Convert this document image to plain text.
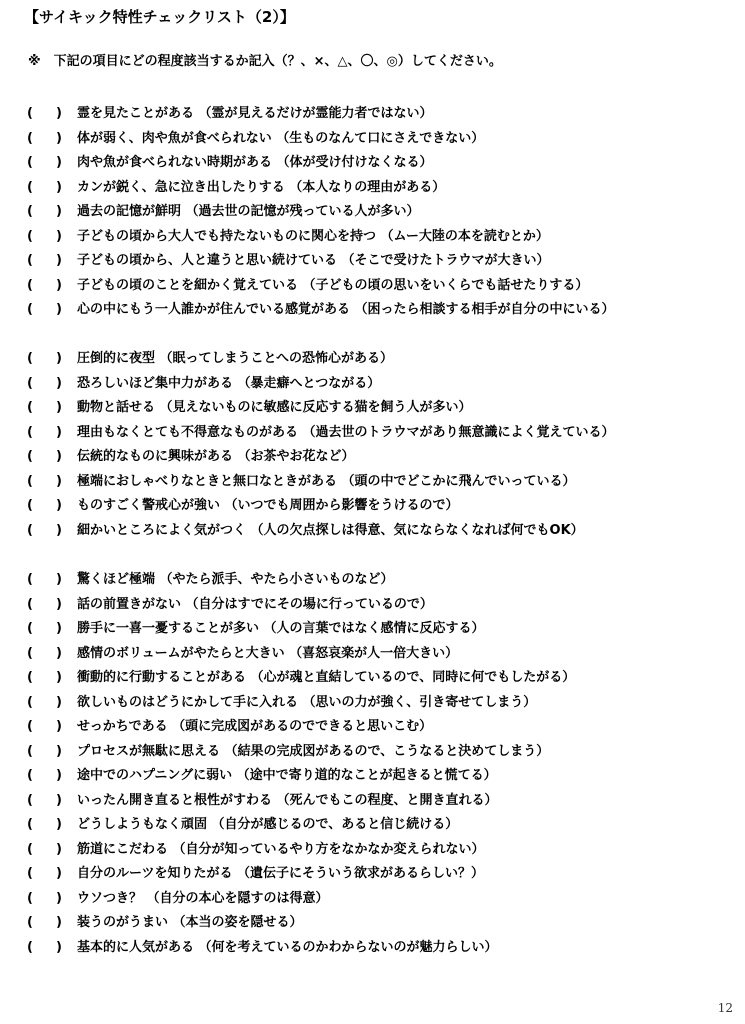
【サイキック特性チェックリスト（2）】
※　下記の項目にどの程度該当するか記入（？、×、△、〇、◎）してください。
( ) 霊を見たことがある （霊が見えるだけが霊能力者ではない）
( ) 体が弱く、肉や魚が食べられない （生ものなんて口にさえできない）
( ) 肉や魚が食べられない時期がある （体が受け付けなくなる）
( ) カンが鋭く、急に泣き出したりする （本人なりの理由がある）
( ) 過去の記憶が鮮明 （過去世の記憶が残っている人が多い）
( ) 子どもの頃から大人でも持たないものに関心を持つ （ムー大陸の本を読むとか）
( ) 子どもの頃から、人と違うと思い続けている （そこで受けたトラウマが大きい）
( ) 子どもの頃のことを細かく覚えている （子どもの頃の思いをいくらでも話せたりする）
( ) 心の中にもう一人誰かが住んでいる感覚がある （困ったら相談する相手が自分の中にいる）
( ) 圧倒的に夜型 （眠ってしまうことへの恐怖心がある）
( ) 恐ろしいほど集中力がある （暴走癖へとつながる）
( ) 動物と話せる （見えないものに敏感に反応する猫を飼う人が多い）
( ) 理由もなくとても不得意なものがある （過去世のトラウマがあり無意識によく覚えている）
( ) 伝統的なものに興味がある （お茶やお花など）
( ) 極端におしゃべりなときと無口なときがある （頭の中でどこかに飛んでいっている）
( ) ものすごく警戒心が強い （いつでも周囲から影響をうけるので）
( ) 細かいところによく気がつく （人の欠点探しは得意、気にならなくなれば何でもOK）
( ) 驚くほど極端 （やたら派手、やたら小さいものなど）
( ) 話の前置きがない （自分はすでにその場に行っているので）
( ) 勝手に一喜一憂することが多い （人の言葉ではなく感情に反応する）
( ) 感情のボリュームがやたらと大きい （喜怒哀楽が人一倍大きい）
( ) 衝動的に行動することがある （心が魂と直結しているので、同時に何でもしたがる）
( ) 欲しいものはどうにかして手に入れる （思いの力が強く、引き寄せてしまう）
( ) せっかちである （頭に完成図があるのでできると思いこむ）
( ) プロセスが無駄に思える （結果の完成図があるので、こうなると決めてしまう）
( ) 途中でのハプニングに弱い （途中で寄り道的なことが起きると慌てる）
( ) いったん開き直ると根性がすわる （死んでもこの程度、と開き直れる）
( ) どうしようもなく頑固 （自分が感じるので、あると信じ続ける）
( ) 筋道にこだわる （自分が知っているやり方をなかなか変えられない）
( ) 自分のルーツを知りたがる （遺伝子にそういう欲求があるらしい？）
( ) ウソつき？ （自分の本心を隠すのは得意）
( ) 装うのがうまい （本当の姿を隠せる）
( ) 基本的に人気がある （何を考えているのかわからないのが魅力らしい）
12
